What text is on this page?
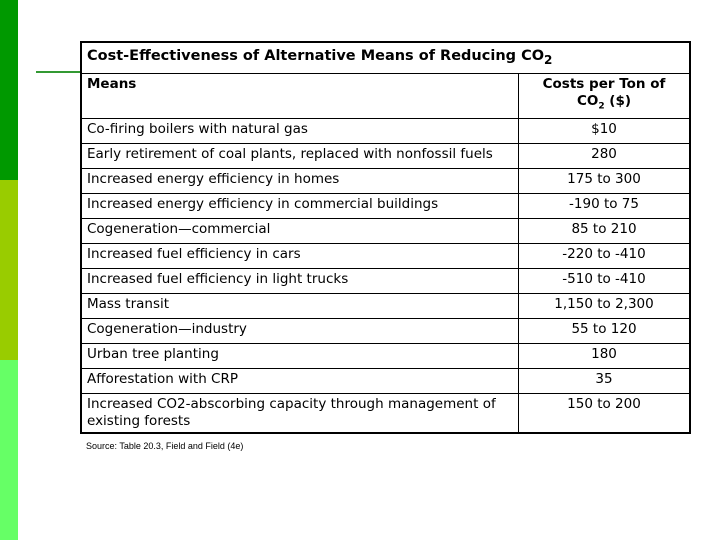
Cost-Effectiveness of Alternative Means of Reducing $CO_2$
Means	Costs per Ton of
$CO_2$ ($)
Co-firing boilers with natural gas	$10
Early retirement of coal plants, replaced with nonfossil fuels	280
Increased energy efficiency in homes	175 to 300
Increased energy efficiency in commercial buildings	-190 to 75
Cogeneration—commercial	85 to 210
Increased fuel efficiency in cars	-220 to -410
Increased fuel efficiency in light trucks	-510 to -410
Mass transit	1,150 to 2,300
Cogeneration—industry	55 to 120
Urban tree planting	180
Afforestation with CRP	35
Increased CO2-abscorbing capacity through management of existing forests	150 to 200
Source: Table 20.3, Field and Field (4e)
